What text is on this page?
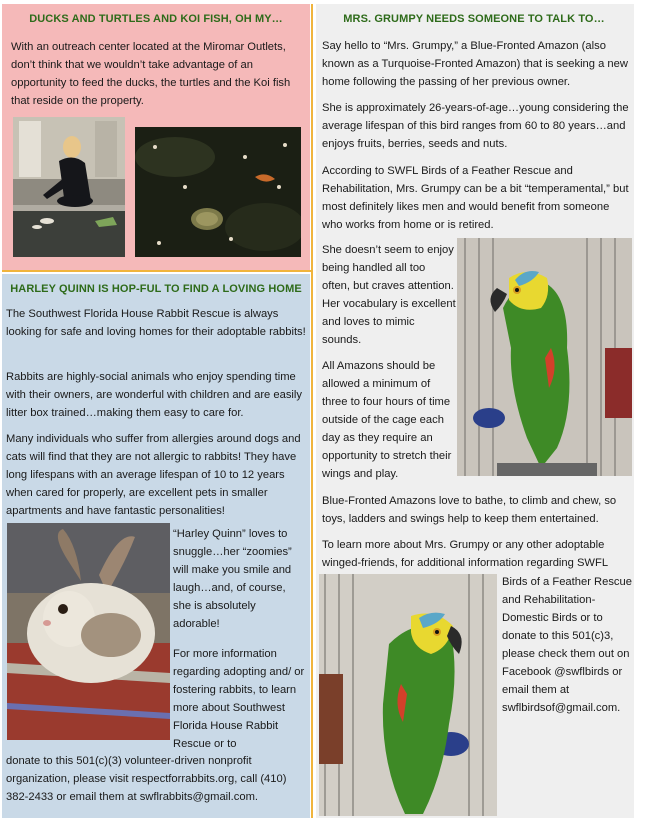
DUCKS AND TURTLES AND KOI FISH, OH MY…
With an outreach center located at the Miromar Outlets, don’t think that we wouldn’t take advantage of an opportunity to feed the ducks, the turtles and the Koi fish that reside on the property.
HARLEY QUINN IS HOP-FUL TO FIND A LOVING HOME
The Southwest Florida House Rabbit Rescue is always looking for safe and loving homes for their adoptable rabbits!
Rabbits are highly-social animals who enjoy spending time with their owners, are wonderful with children and are easily litter box trained…making them easy to care for.
Many individuals who suffer from allergies around dogs and cats will find that they are not allergic to rabbits! They have long lifespans with an average lifespan of 10 to 12 years when cared for properly, are excellent pets in smaller apartments and have fantastic personalities!
“Harley Quinn” loves to snuggle…her “zoomies” will make you smile and laugh…and, of course, she is absolutely adorable!
For more information regarding adopting and/ or fostering rabbits, to learn more about Southwest Florida House Rabbit Rescue or to
donate to this 501(c)(3) volunteer-driven nonprofit organization, please visit respectforrabbits.org, call (410) 382-2433 or email them at swflrabbits@gmail.com.
MRS. GRUMPY NEEDS SOMEONE TO TALK TO…
Say hello to “Mrs. Grumpy,” a Blue-Fronted Amazon (also known as a Turquoise-Fronted Amazon) that is seeking a new home following the passing of her previous owner.
She is approximately 26-years-of-age…young considering the average lifespan of this bird ranges from 60 to 80 years…and enjoys fruits, berries, seeds and nuts.
According to SWFL Birds of a Feather Rescue and Rehabilitation, Mrs. Grumpy can be a bit “temperamental,” but most definitely likes men and would benefit from someone who works from home or is retired.
She doesn’t seem to enjoy being handled all too often, but craves attention. Her vocabulary is excellent and loves to mimic sounds.
All Amazons should be allowed a minimum of three to four hours of time outside of the cage each day as they require an opportunity to stretch their wings and play.
Blue-Fronted Amazons love to bathe, to climb and chew, so toys, ladders and swings help to keep them entertained.
To learn more about Mrs. Grumpy or any other adoptable winged-friends, for additional information regarding SWFL
Birds of a Feather Rescue and Rehabilitation-Domestic Birds or to donate to this 501(c)3, please check them out on Facebook @swflbirds or email them at swflbirdsof@gmail.com.
